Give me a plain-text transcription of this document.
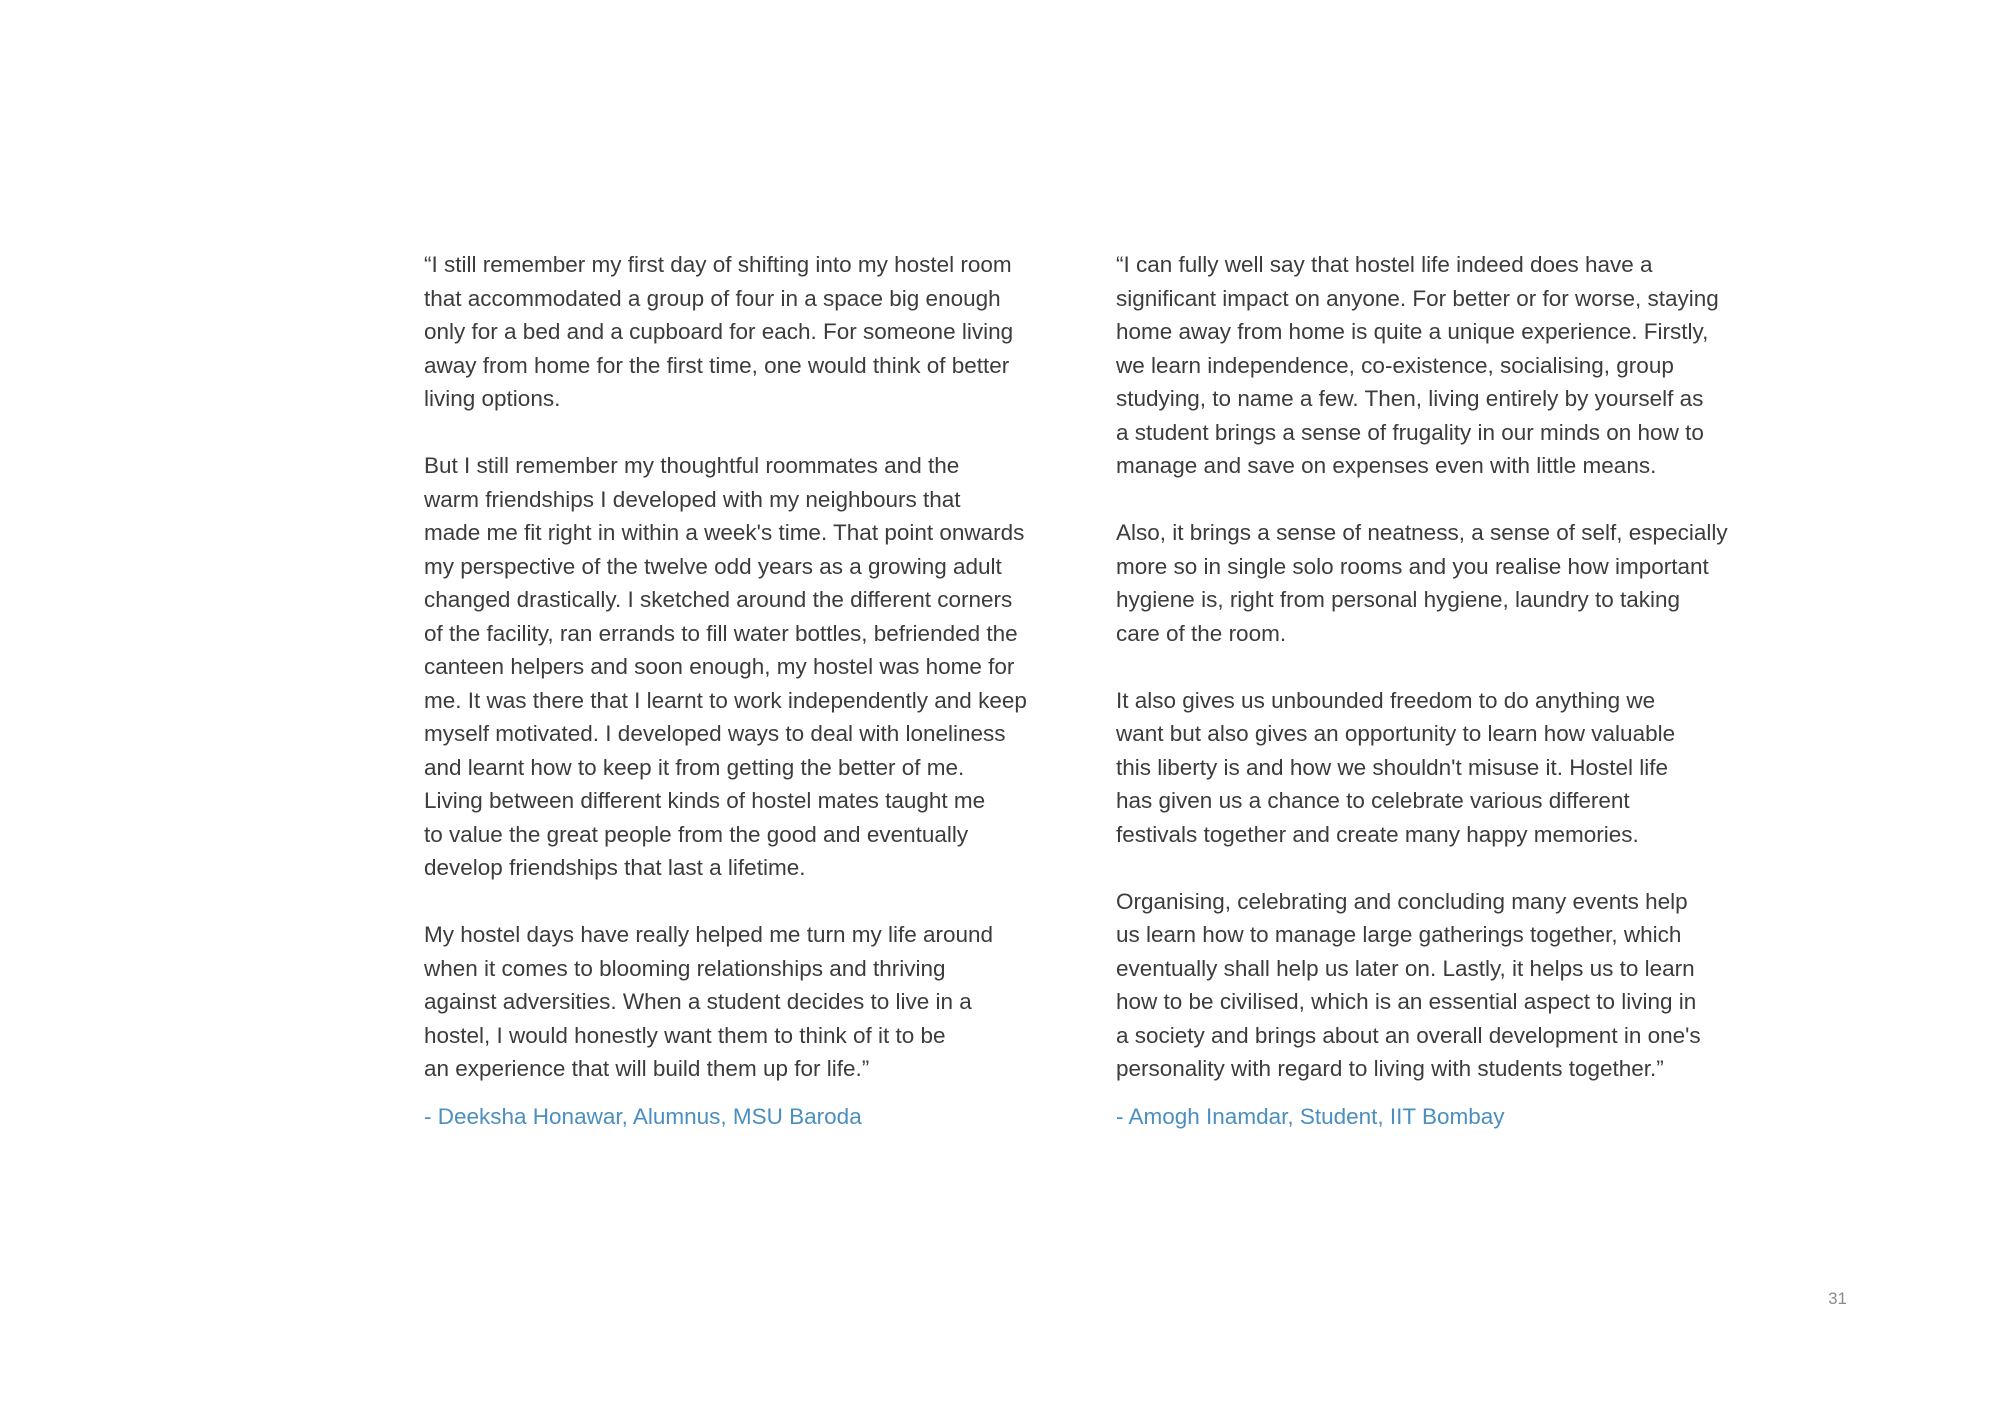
“I still remember my first day of shifting into my hostel room
that accommodated a group of four in a space big enough
only for a bed and a cupboard for each. For someone living
away from home for the first time, one would think of better
living options.

But I still remember my thoughtful roommates and the
warm friendships I developed with my neighbours that
made me fit right in within a week's time. That point onwards
my perspective of the twelve odd years as a growing adult
changed drastically. I sketched around the different corners
of the facility, ran errands to fill water bottles, befriended the
canteen helpers and soon enough, my hostel was home for
me. It was there that I learnt to work independently and keep
myself motivated. I developed ways to deal with loneliness
and learnt how to keep it from getting the better of me.
Living between different kinds of hostel mates taught me
to value the great people from the good and eventually
develop friendships that last a lifetime.

My hostel days have really helped me turn my life around
when it comes to blooming relationships and thriving
against adversities. When a student decides to live in a
hostel, I would honestly want them to think of it to be
an experience that will build them up for life.”

- Deeksha Honawar, Alumnus, MSU Baroda

“I can fully well say that hostel life indeed does have a
significant impact on anyone. For better or for worse, staying
home away from home is quite a unique experience. Firstly,
we learn independence, co-existence, socialising, group
studying, to name a few. Then, living entirely by yourself as
a student brings a sense of frugality in our minds on how to
manage and save on expenses even with little means.

Also, it brings a sense of neatness, a sense of self, especially
more so in single solo rooms and you realise how important
hygiene is, right from personal hygiene, laundry to taking
care of the room.

It also gives us unbounded freedom to do anything we
want but also gives an opportunity to learn how valuable
this liberty is and how we shouldn't misuse it. Hostel life
has given us a chance to celebrate various different
festivals together and create many happy memories.

Organising, celebrating and concluding many events help
us learn how to manage large gatherings together, which
eventually shall help us later on. Lastly, it helps us to learn
how to be civilised, which is an essential aspect to living in
a society and brings about an overall development in one's
personality with regard to living with students together.”

- Amogh Inamdar, Student, IIT Bombay
31
